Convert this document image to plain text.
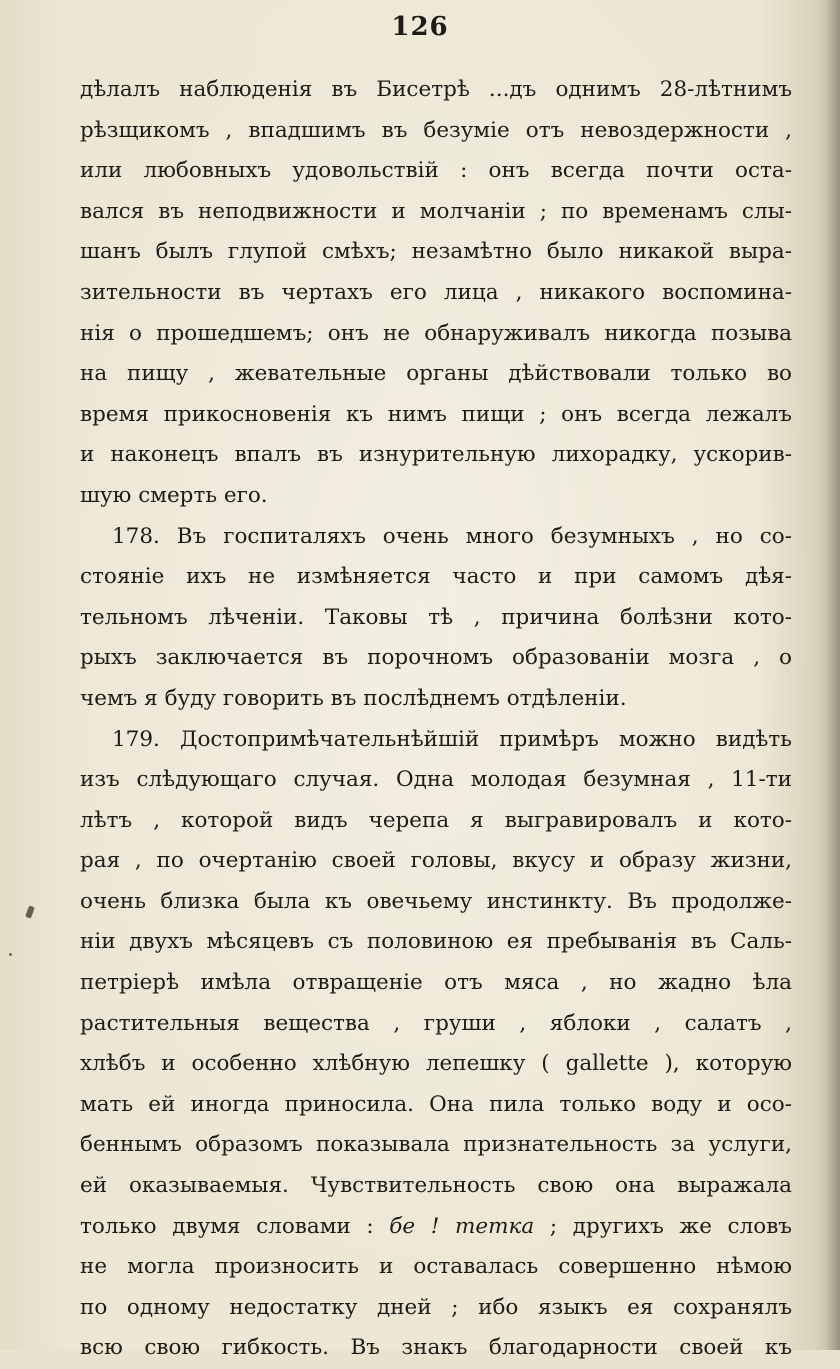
126
дѣлалъ наблюденія въ Бисетрѣ ...дъ однимъ 28-лѣтнимъ
рѣзщикомъ , впадшимъ въ безуміе отъ невоздержности ,
или любовныхъ удовольствій : онъ всегда почти оста-
вался въ неподвижности и молчаніи ; по временамъ слы-
шанъ былъ глупой смѣхъ; незамѣтно было никакой выра-
зительности въ чертахъ его лица , никакого воспомина-
нія о прошедшемъ; онъ не обнаруживалъ никогда позыва
на пищу , жевательные органы дѣйствовали только во
время прикосновенія къ нимъ пищи ; онъ всегда лежалъ
и наконецъ впалъ въ изнурительную лихорадку, ускорив-
шую смерть его.
178. Въ госпиталяхъ очень много безумныхъ , но со-
стояніе ихъ не измѣняется часто и при самомъ дѣя-
тельномъ лѣченіи. Таковы тѣ , причина болѣзни кото-
рыхъ заключается въ порочномъ образованіи мозга , о
чемъ я буду говорить въ послѣднемъ отдѣленіи.
179. Достопримѣчательнѣйшій примѣръ можно видѣть
изъ слѣдующаго случая. Одна молодая безумная , 11-ти
лѣтъ , которой видъ черепа я выгравировалъ и кото-
рая , по очертанію своей головы, вкусу и образу жизни,
очень близка была къ овечьему инстинкту. Въ продолже-
ніи двухъ мѣсяцевъ съ половиною ея пребыванія въ Саль-
петріерѣ имѣла отвращеніе отъ мяса , но жадно ѣла
растительныя вещества , груши , яблоки , салатъ ,
хлѣбъ и особенно хлѣбную лепешку ( gallette ), которую
мать ей иногда приносила. Она пила только воду и осо-
беннымъ образомъ показывала признательность за услуги,
ей оказываемыя. Чувствительность свою она выражала
только двумя словами : бе ! тетка ; другихъ же словъ
не могла произносить и оставалась совершенно нѣмою
по одному недостатку дней ; ибо языкъ ея сохранялъ
всю свою гибкость. Въ знакъ благодарности своей къ
